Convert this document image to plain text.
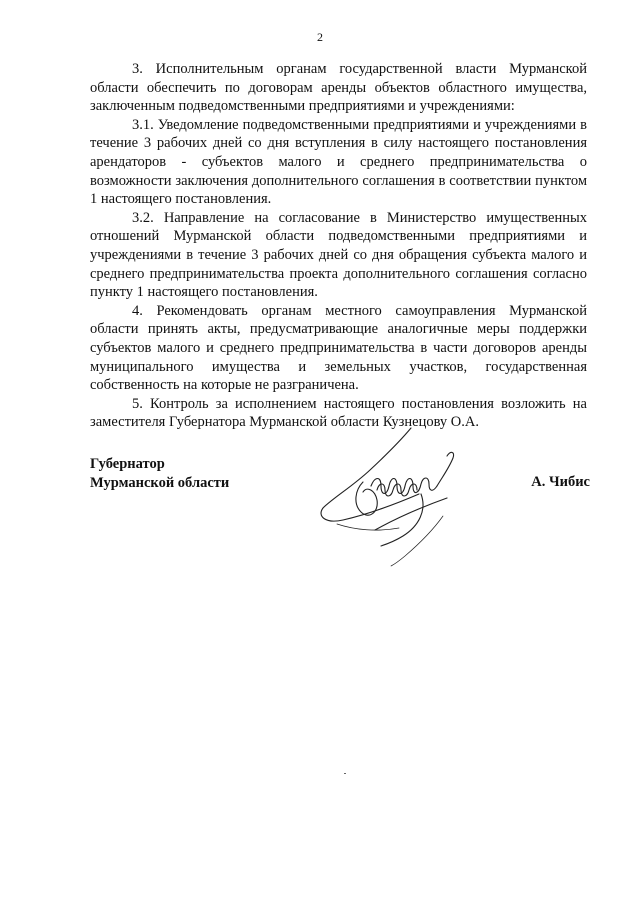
2

3. Исполнительным органам государственной власти Мурманской области обеспечить по договорам аренды объектов областного имущества, заключенным подведомственными предприятиями и учреждениями:

3.1. Уведомление подведомственными предприятиями и учреждениями в течение 3 рабочих дней со дня вступления в силу настоящего постановления арендаторов - субъектов малого и среднего предпринимательства о возможности заключения дополнительного соглашения в соответствии пунктом 1 настоящего постановления.

3.2. Направление на согласование в Министерство имущественных отношений Мурманской области подведомственными предприятиями и учреждениями в течение 3 рабочих дней со дня обращения субъекта малого и среднего предпринимательства проекта дополнительного соглашения согласно пункту 1 настоящего постановления.

4. Рекомендовать органам местного самоуправления Мурманской области принять акты, предусматривающие аналогичные меры поддержки субъектов малого и среднего предпринимательства в части договоров аренды муниципального имущества и земельных участков, государственная собственность на которые не разграничена.

5. Контроль за исполнением настоящего постановления возложить на заместителя Губернатора Мурманской области Кузнецову О.А.

Губернатор
Мурманской области	А. Чибис
